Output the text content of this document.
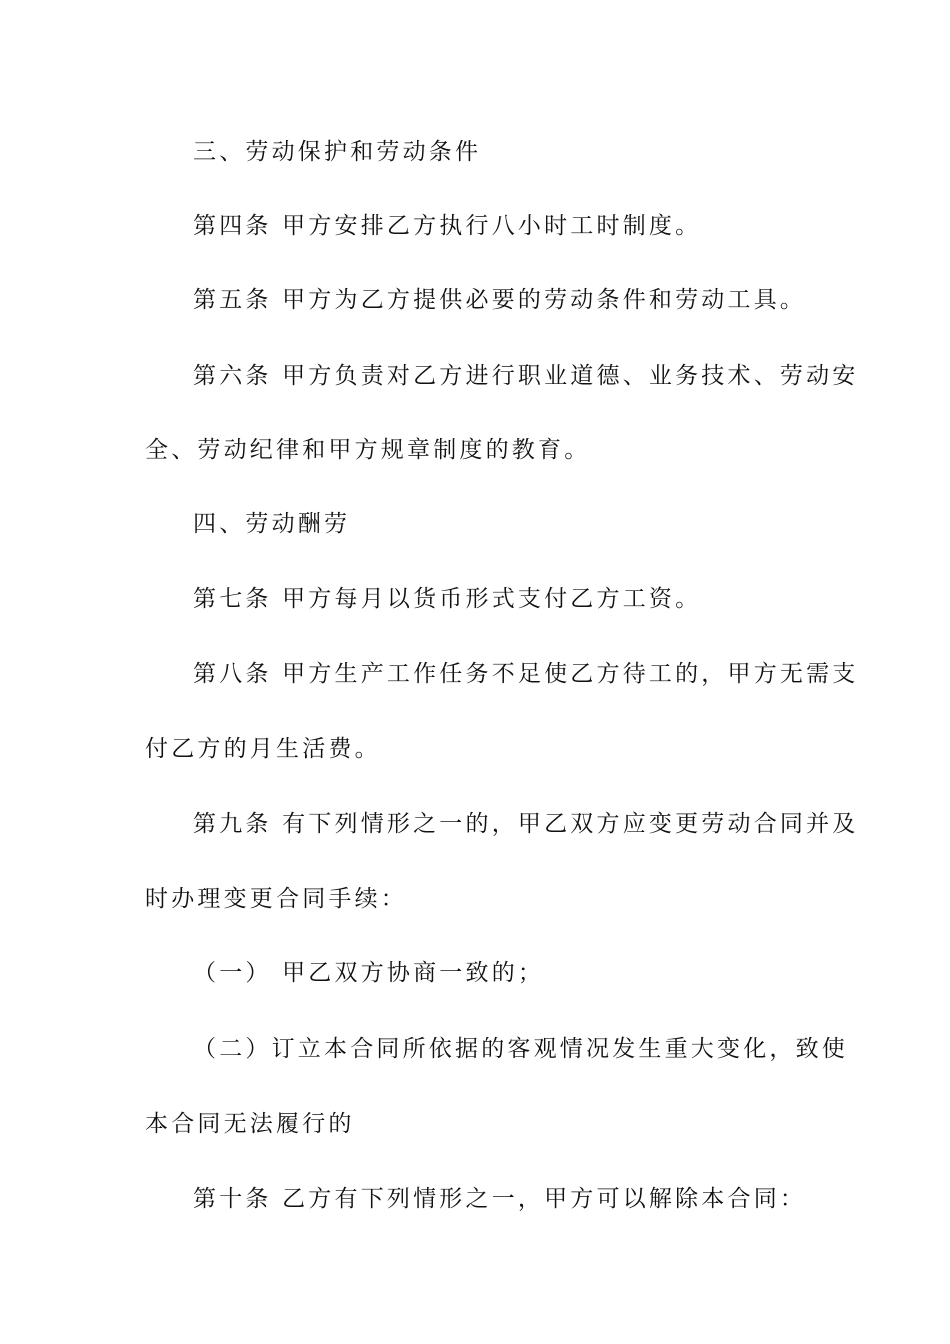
三、劳动保护和劳动条件
第四条 甲方安排乙方执行八小时工时制度。
第五条 甲方为乙方提供必要的劳动条件和劳动工具。
第六条 甲方负责对乙方进行职业道德、业务技术、劳动安
全、劳动纪律和甲方规章制度的教育。
四、劳动酬劳
第七条 甲方每月以货币形式支付乙方工资。
第八条 甲方生产工作任务不足使乙方待工的，甲方无需支
付乙方的月生活费。
第九条 有下列情形之一的，甲乙双方应变更劳动合同并及
时办理变更合同手续：
（一） 甲乙双方协商一致的；
（二）订立本合同所依据的客观情况发生重大变化，致使
本合同无法履行的
第十条 乙方有下列情形之一，甲方可以解除本合同：
